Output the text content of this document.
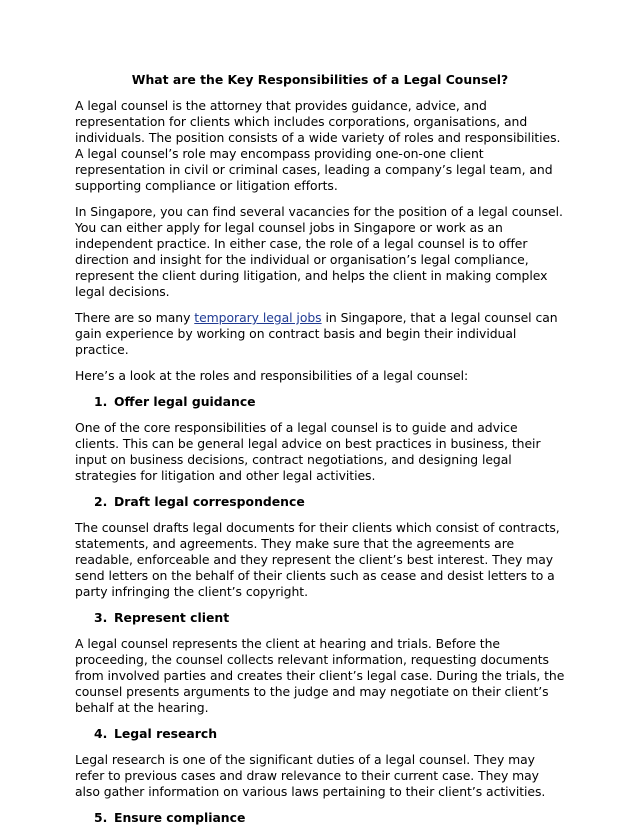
What are the Key Responsibilities of a Legal Counsel?

A legal counsel is the attorney that provides guidance, advice, and representation for clients which includes corporations, organisations, and individuals. The position consists of a wide variety of roles and responsibilities. A legal counsel’s role may encompass providing one-on-one client representation in civil or criminal cases, leading a company’s legal team, and supporting compliance or litigation efforts.

In Singapore, you can find several vacancies for the position of a legal counsel. You can either apply for legal counsel jobs in Singapore or work as an independent practice. In either case, the role of a legal counsel is to offer direction and insight for the individual or organisation’s legal compliance, represent the client during litigation, and helps the client in making complex legal decisions.

There are so many temporary legal jobs in Singapore, that a legal counsel can gain experience by working on contract basis and begin their individual practice.

Here’s a look at the roles and responsibilities of a legal counsel:

1. Offer legal guidance

One of the core responsibilities of a legal counsel is to guide and advice clients. This can be general legal advice on best practices in business, their input on business decisions, contract negotiations, and designing legal strategies for litigation and other legal activities.

2. Draft legal correspondence

The counsel drafts legal documents for their clients which consist of contracts, statements, and agreements. They make sure that the agreements are readable, enforceable and they represent the client’s best interest. They may send letters on the behalf of their clients such as cease and desist letters to a party infringing the client’s copyright.

3. Represent client

A legal counsel represents the client at hearing and trials. Before the proceeding, the counsel collects relevant information, requesting documents from involved parties and creates their client’s legal case. During the trials, the counsel presents arguments to the judge and may negotiate on their client’s behalf at the hearing.

4. Legal research

Legal research is one of the significant duties of a legal counsel. They may refer to previous cases and draw relevance to their current case. They may also gather information on various laws pertaining to their client’s activities.

5. Ensure compliance
